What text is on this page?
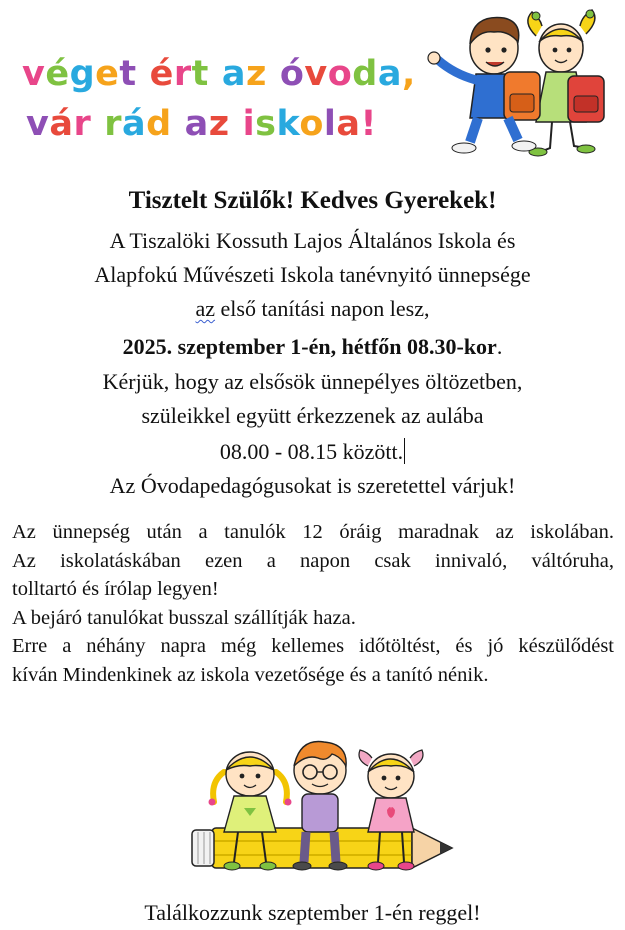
véget ért az óvoda,
vár rád az iskola!
Tisztelt Szülők! Kedves Gyerekek!
A Tiszalöki Kossuth Lajos Általános Iskola és
Alapfokú Művészeti Iskola tanévnyitó ünnepsége
az első tanítási napon lesz,
2025. szeptember 1-én, hétfőn 08.30-kor.
Kérjük, hogy az elsősök ünnepélyes öltözetben,
szüleikkel együtt érkezzenek az aulába
08.00 - 08.15 között.
Az Óvodapedagógusokat is szeretettel várjuk!
Az ünnepség után a tanulók 12 óráig maradnak az iskolában.
Az iskolatáskában ezen a napon csak innivaló, váltóruha,
tolltartó és írólap legyen!
A bejáró tanulókat busszal szállítják haza.
Erre a néhány napra még kellemes időtöltést, és jó készülődést
kíván Mindenkinek az iskola vezetősége és a tanító nénik.
Találkozzunk szeptember 1-én reggel!
